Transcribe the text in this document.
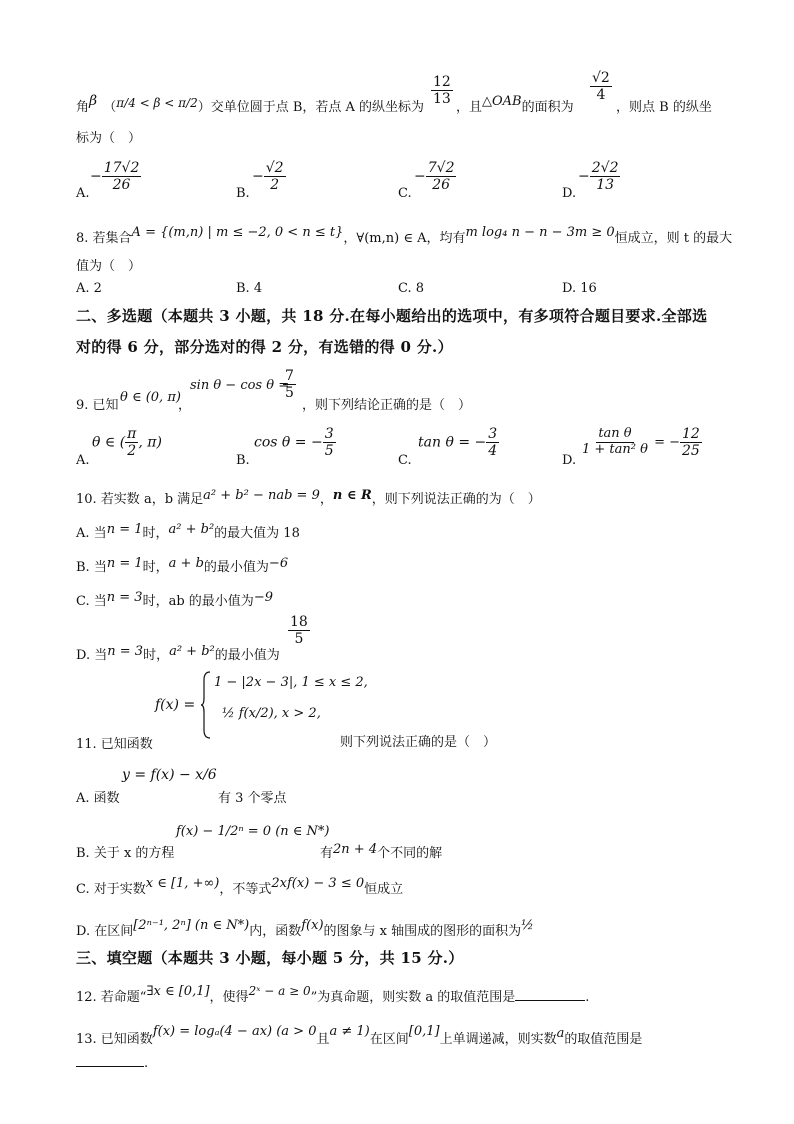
角β （π/4 < β < π/2）交单位圆于点 B，若点 A 的纵坐标为
$\frac{12}{13}$
，且△OAB的面积为
$\frac{√2}{4}$
，则点 B 的纵坐
标为（　）
A.
− $\frac{17√2}{26}$
B.
− $\frac{√2}{2}$
C.
− $\frac{7√2}{26}$
D.
− $\frac{2√2}{13}$
8. 若集合A = {(m,n) | m ≤ −2, 0 < n ≤ t}，∀(m,n) ∈ A，均有m log₄ n − n − 3m ≥ 0恒成立，则 t 的最大
值为（　）
A. 2	B. 4	C. 8	D. 16
二、多选题（本题共 3 小题，共 18 分.在每小题给出的选项中，有多项符合题目要求.全部选
对的得 6 分，部分选对的得 2 分，有选错的得 0 分.）
9. 已知
θ ∈ (0, π)
，
sin θ − cos θ =
$\frac{7}{5}$
，则下列结论正确的是（　）
A.
θ ∈ ( $\frac{\pi}{2}$ , π)
B.
cos θ = − $\frac{3}{5}$
C.
tan θ = − $\frac{3}{4}$
D.
$\frac{\text{tan θ}}{\text{1 + tan² θ}}$ = − $\frac{12}{25}$
10. 若实数 a，b 满足a² + b² − nab = 9，n ∈ R，则下列说法正确的为（　）
A. 当n = 1时，a² + b²的最大值为 18
B. 当n = 1时，a + b的最小值为−6
C. 当n = 3时，ab 的最小值为−9
D. 当n = 3时，a² + b²的最小值为
$\frac{18}{5}$
f(x) =
1 − |2x − 3|, 1 ≤ x ≤ 2,
½ f(x/2), x > 2,
11. 已知函数	则下列说法正确的是（　）
A. 函数
y = f(x) − x/6
有 3 个零点
B. 关于 x 的方程
f(x) − 1/2ⁿ = 0 (n ∈ N*)
有2n + 4个不同的解
C. 对于实数x ∈ [1, +∞)，不等式2xf(x) − 3 ≤ 0恒成立
D. 在区间[2ⁿ⁻¹, 2ⁿ] (n ∈ N*)内，函数f(x)的图象与 x 轴围成的图形的面积为½
三、填空题（本题共 3 小题，每小题 5 分，共 15 分.）
12. 若命题“∃x ∈ [0,1]，使得2ˣ − a ≥ 0”为真命题，则实数 a 的取值范围是	.
13. 已知函数f(x) = logₐ(4 − ax) (a > 0且a ≠ 1)在区间[0,1]上单调递减，则实数a的取值范围是
.
